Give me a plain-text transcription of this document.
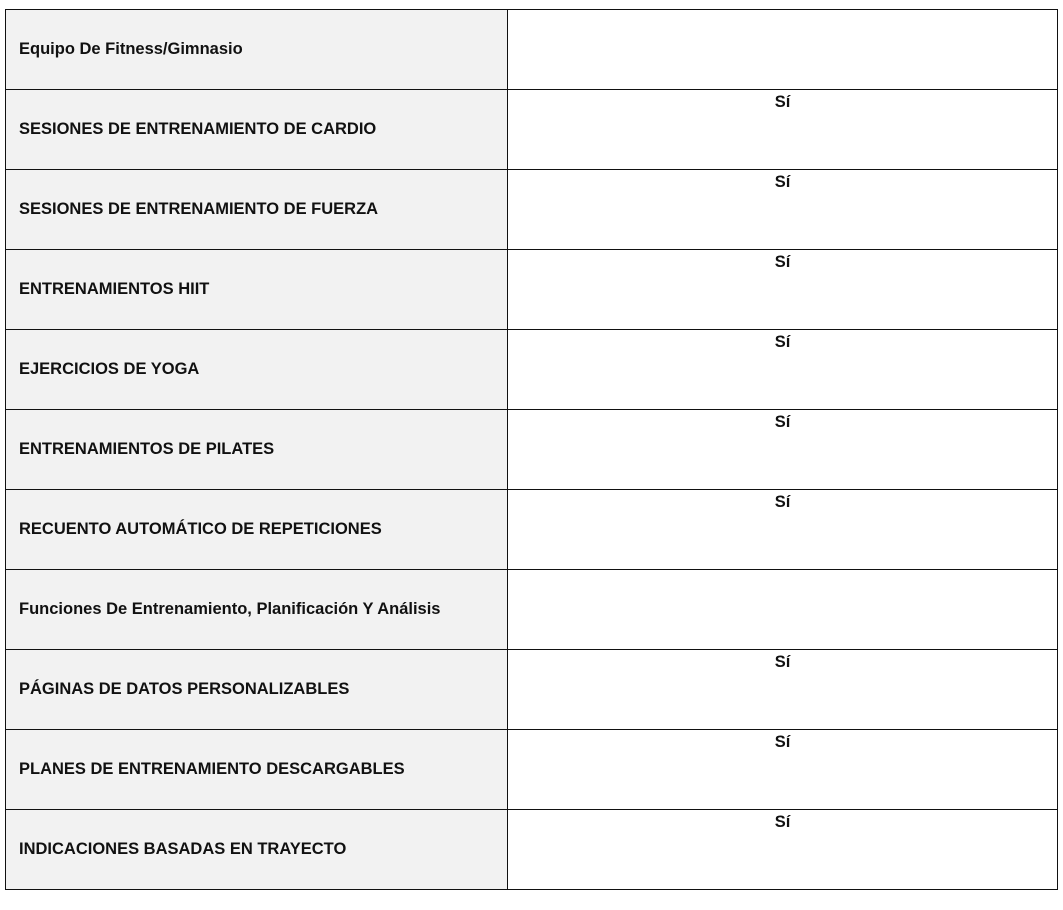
Equipo De Fitness/Gimnasio	
SESIONES DE ENTRENAMIENTO DE CARDIO	Sí
SESIONES DE ENTRENAMIENTO DE FUERZA	Sí
ENTRENAMIENTOS HIIT	Sí
EJERCICIOS DE YOGA	Sí
ENTRENAMIENTOS DE PILATES	Sí
RECUENTO AUTOMÁTICO DE REPETICIONES	Sí
Funciones De Entrenamiento, Planificación Y Análisis	
PÁGINAS DE DATOS PERSONALIZABLES	Sí
PLANES DE ENTRENAMIENTO DESCARGABLES	Sí
INDICACIONES BASADAS EN TRAYECTO	Sí
